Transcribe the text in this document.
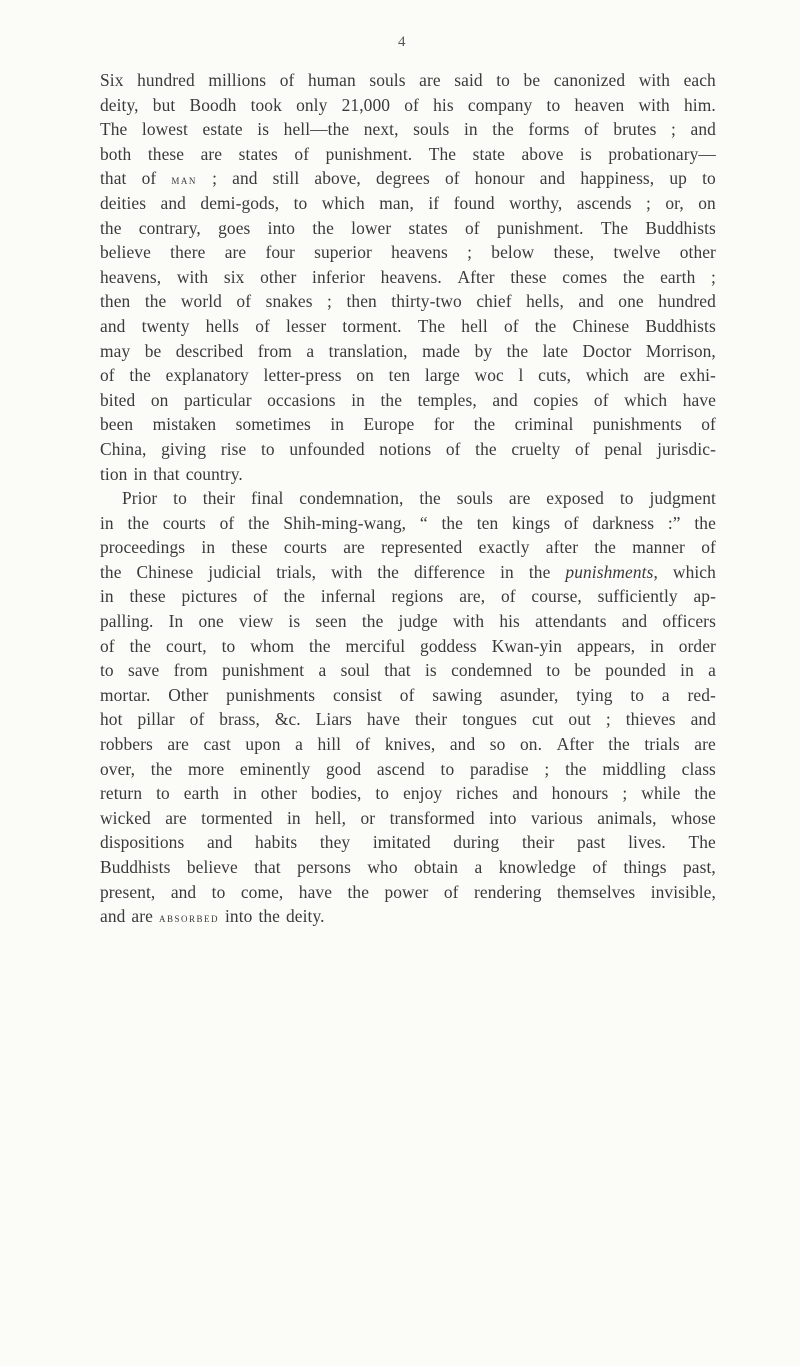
4
Six hundred millions of human souls are said to be canonized with each
deity, but Boodh took only 21,000 of his company to heaven with him.
The lowest estate is hell—the next, souls in the forms of brutes ; and
both these are states of punishment. The state above is probationary—
that of man ; and still above, degrees of honour and happiness, up to
deities and demi-gods, to which man, if found worthy, ascends ; or, on
the contrary, goes into the lower states of punishment. The Buddhists
believe there are four superior heavens ; below these, twelve other
heavens, with six other inferior heavens. After these comes the earth ;
then the world of snakes ; then thirty-two chief hells, and one hundred
and twenty hells of lesser torment. The hell of the Chinese Buddhists
may be described from a translation, made by the late Doctor Morrison,
of the explanatory letter-press on ten large woc l cuts, which are exhi-
bited on particular occasions in the temples, and copies of which have
been mistaken sometimes in Europe for the criminal punishments of
China, giving rise to unfounded notions of the cruelty of penal jurisdic-
tion in that country.
Prior to their final condemnation, the souls are exposed to judgment
in the courts of the Shih-ming-wang, “ the ten kings of darkness :” the
proceedings in these courts are represented exactly after the manner of
the Chinese judicial trials, with the difference in the punishments, which
in these pictures of the infernal regions are, of course, sufficiently ap-
palling. In one view is seen the judge with his attendants and officers
of the court, to whom the merciful goddess Kwan-yin appears, in order
to save from punishment a soul that is condemned to be pounded in a
mortar. Other punishments consist of sawing asunder, tying to a red-
hot pillar of brass, &c. Liars have their tongues cut out ; thieves and
robbers are cast upon a hill of knives, and so on. After the trials are
over, the more eminently good ascend to paradise ; the middling class
return to earth in other bodies, to enjoy riches and honours ; while the
wicked are tormented in hell, or transformed into various animals, whose
dispositions and habits they imitated during their past lives. The
Buddhists believe that persons who obtain a knowledge of things past,
present, and to come, have the power of rendering themselves invisible,
and are absorbed into the deity.
